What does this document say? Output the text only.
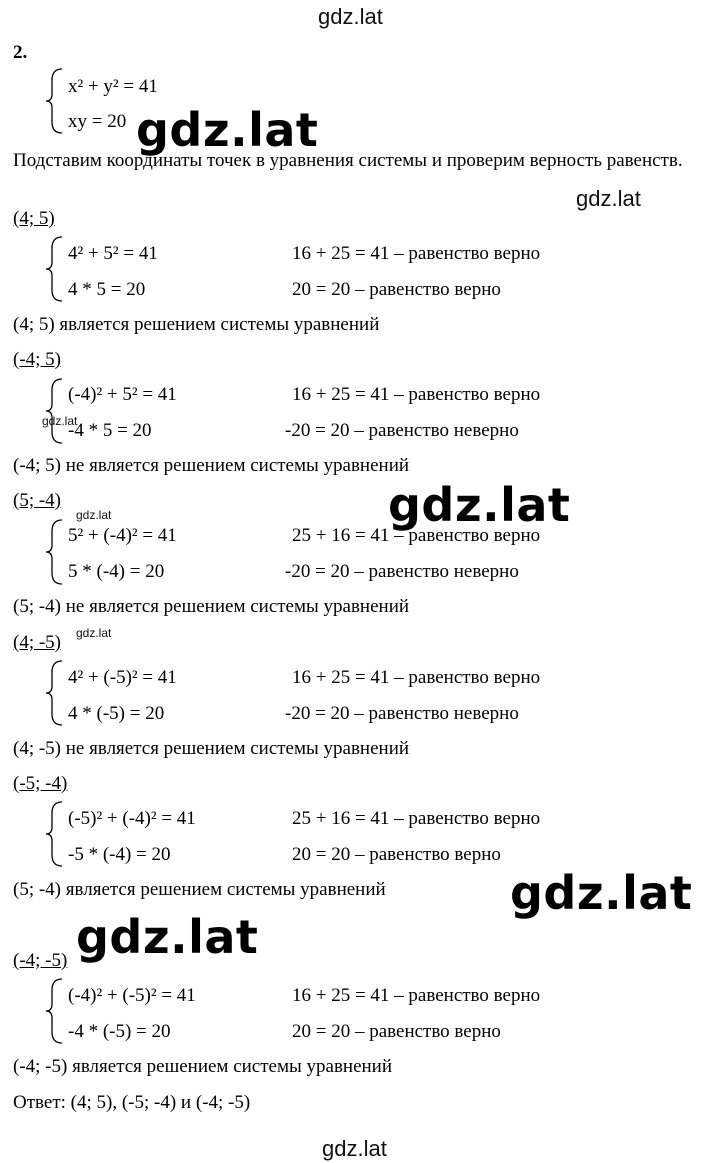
gdz.lat
gdz.lat
2.
x² + y² = 41
xy = 20 gdz.lat
Подставим координаты точек в уравнения системы и проверим верность равенств.
(4; 5)
4² + 5² = 41	16 + 25 = 41 – равенство верно
4 * 5 = 20	20 = 20 – равенство верно
(4; 5) является решением системы уравнений
(-4; 5)
(-4)² + 5² = 41	16 + 25 = 41 – равенство верно
-4 * 5 = 20	-20 = 20 – равенство неверно
gdz.lat
(-4; 5) не является решением системы уравнений
(5; -4)
gdz.lat
5² + (-4)² = 41	25 + 16 = 41 – равенство верно
5 * (-4) = 20	-20 = 20 – равенство неверно
gdz.lat
(5; -4) не является решением системы уравнений
(4; -5) gdz.lat
4² + (-5)² = 41	16 + 25 = 41 – равенство верно
4 * (-5) = 20	-20 = 20 – равенство неверно
(4; -5) не является решением системы уравнений
(-5; -4)
(-5)² + (-4)² = 41	25 + 16 = 41 – равенство верно
-5 * (-4) = 20	20 = 20 – равенство верно
(5; -4) является решением системы уравнений	gdz.lat
gdz.lat
(-4; -5)
(-4)² + (-5)² = 41	16 + 25 = 41 – равенство верно
-4 * (-5) = 20	20 = 20 – равенство верно
(-4; -5) является решением системы уравнений
Ответ: (4; 5), (-5; -4) и (-4; -5)
gdz.lat
